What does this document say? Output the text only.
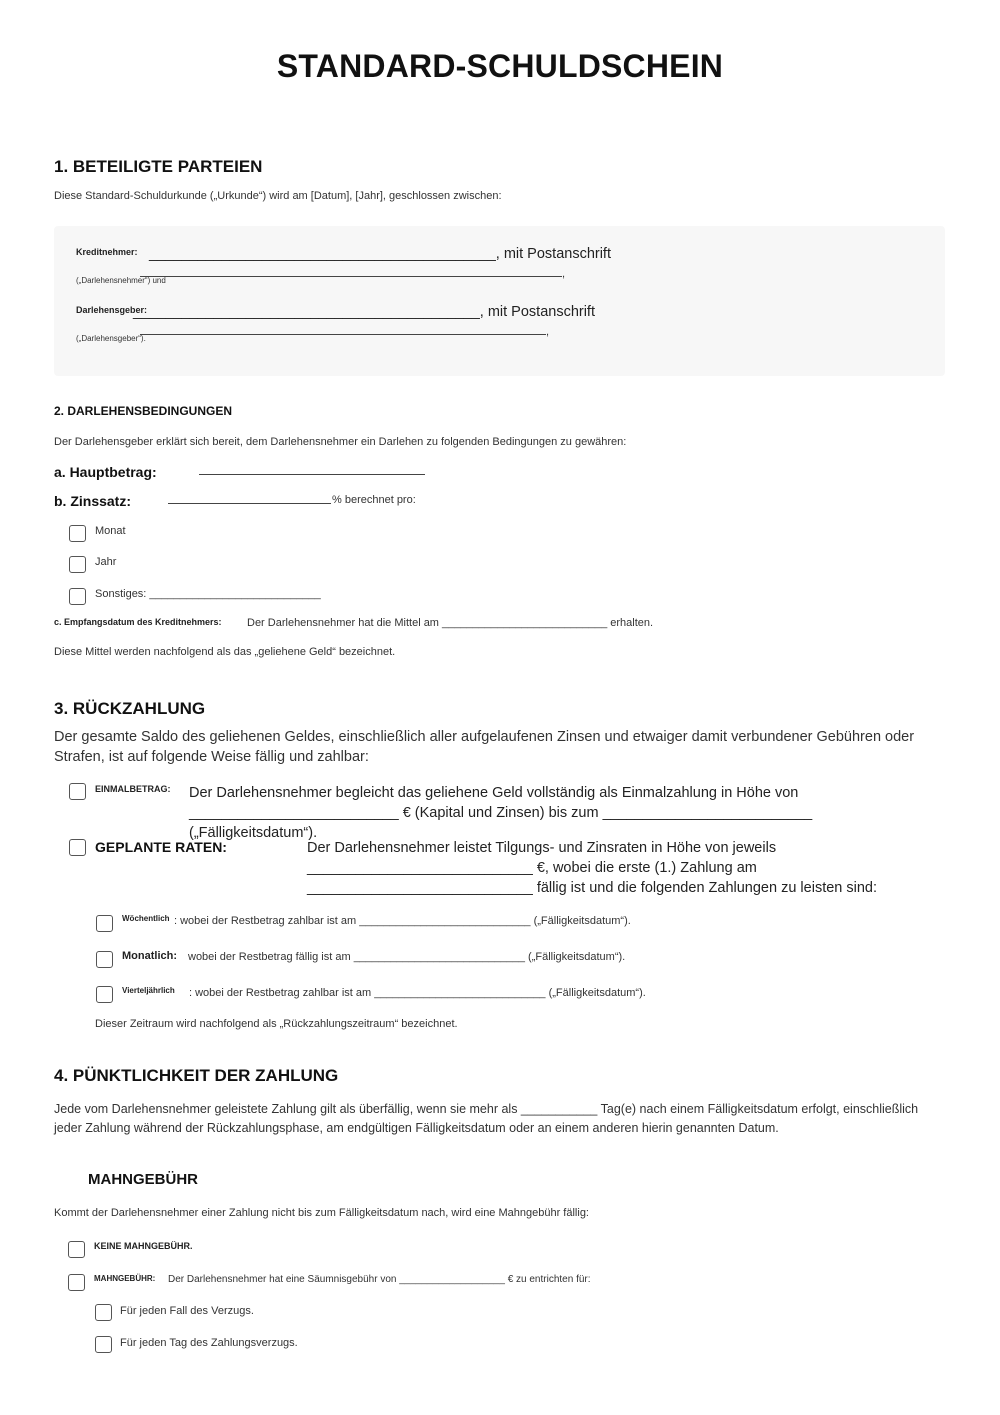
STANDARD-SCHULDSCHEIN
1. BETEILIGTE PARTEIEN
Diese Standard-Schuldurkunde („Urkunde“) wird am [Datum], [Jahr], geschlossen zwischen:
Kreditnehmer: ___________________________________________, mit Postanschrift
(„Darlehensnehmer“) und
,
Darlehensgeber:
___________________________________________, mit Postanschrift
(„Darlehensgeber“).
,
2. DARLEHENSBEDINGUNGEN
Der Darlehensgeber erklärt sich bereit, dem Darlehensnehmer ein Darlehen zu folgenden Bedingungen zu gewähren:
a. Hauptbetrag:
b. Zinssatz:	% berechnet pro:
Monat
Jahr
Sonstiges: ____________________________
c. Empfangsdatum des Kreditnehmers: Der Darlehensnehmer hat die Mittel am ___________________________ erhalten.
Diese Mittel werden nachfolgend als das „geliehene Geld“ bezeichnet.
3. RÜCKZAHLUNG
Der gesamte Saldo des geliehenen Geldes, einschließlich aller aufgelaufenen Zinsen und etwaiger damit verbundener Gebühren oder Strafen, ist auf folgende Weise fällig und zahlbar:
EINMALBETRAG: Der Darlehensnehmer begleicht das geliehene Geld vollständig als Einmalzahlung in Höhe von
__________________________ € (Kapital und Zinsen) bis zum __________________________
(„Fälligkeitsdatum“).
GEPLANTE RATEN:	Der Darlehensnehmer leistet Tilgungs- und Zinsraten in Höhe von jeweils
____________________________ €, wobei die erste (1.) Zahlung am
____________________________ fällig ist und die folgenden Zahlungen zu leisten sind:
Wöchentlich : wobei der Restbetrag zahlbar ist am ____________________________ („Fälligkeitsdatum“).
Monatlich: wobei der Restbetrag fällig ist am ____________________________ („Fälligkeitsdatum“).
Vierteljährlich : wobei der Restbetrag zahlbar ist am ____________________________ („Fälligkeitsdatum“).
Dieser Zeitraum wird nachfolgend als „Rückzahlungszeitraum“ bezeichnet.
4. PÜNKTLICHKEIT DER ZAHLUNG
Jede vom Darlehensnehmer geleistete Zahlung gilt als überfällig, wenn sie mehr als ___________ Tag(e) nach einem Fälligkeitsdatum erfolgt, einschließlich jeder Zahlung während der Rückzahlungsphase, am endgültigen Fälligkeitsdatum oder an einem anderen hierin genannten Datum.
MAHNGEBÜHR
Kommt der Darlehensnehmer einer Zahlung nicht bis zum Fälligkeitsdatum nach, wird eine Mahngebühr fällig:
KEINE MAHNGEBÜHR.
MAHNGEBÜHR: Der Darlehensnehmer hat eine Säumnisgebühr von ___________________ € zu entrichten für:
Für jeden Fall des Verzugs.
Für jeden Tag des Zahlungsverzugs.
